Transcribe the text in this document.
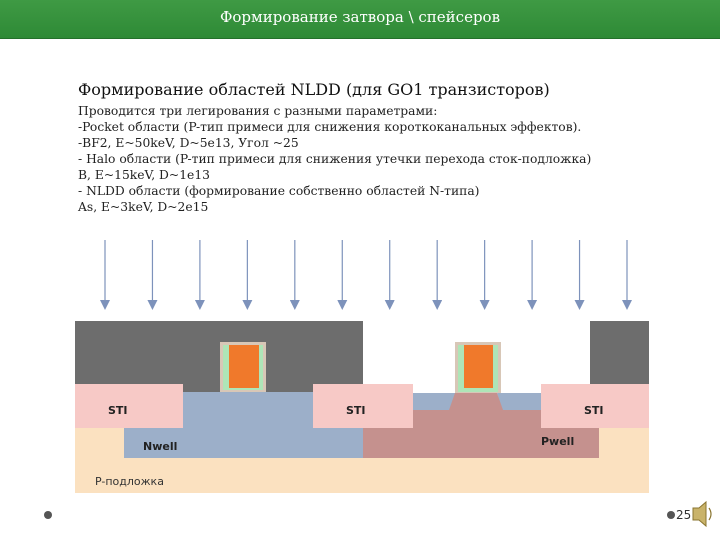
Формирование затвора \ спейсеров
Формирование областей NLDD (для GO1 транзисторов)
Проводится три легирования с разными параметрами:
-Pocket области (P-тип примеси для снижения короткоканальных эффектов).
-BF2, E~50keV, D~5e13, Угол ~25
- Halo области (P-тип примеси для снижения утечки перехода сток-подложка)
B, E~15keV, D~1e13
- NLDD области (формирование собственно областей N-типа)
As, E~3keV, D~2e15
STI	STI	STI
Nwell	Pwell
P-подложка
25
